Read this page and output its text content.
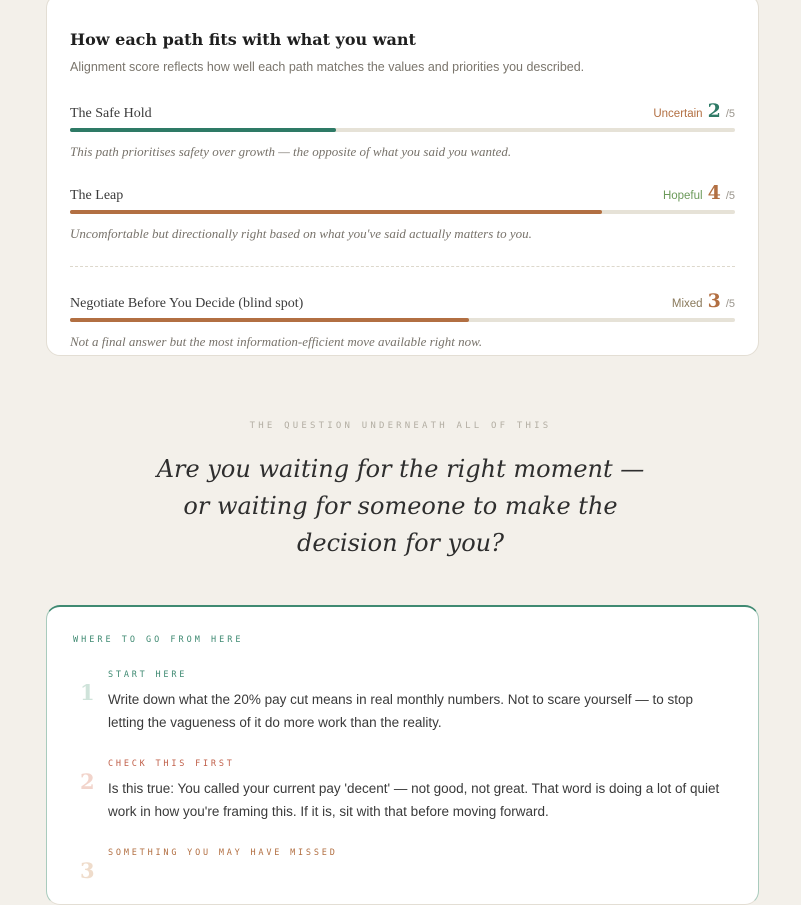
How each path fits with what you want
Alignment score reflects how well each path matches the values and priorities you described.
The Safe Hold	Uncertain 2 /5
This path prioritises safety over growth — the opposite of what you said you wanted.
The Leap	Hopeful 4 /5
Uncomfortable but directionally right based on what you've said actually matters to you.
Negotiate Before You Decide (blind spot)	Mixed 3 /5
Not a final answer but the most information-efficient move available right now.
THE QUESTION UNDERNEATH ALL OF THIS
Are you waiting for the right moment — or waiting for someone to make the decision for you?
WHERE TO GO FROM HERE
1
START HERE
Write down what the 20% pay cut means in real monthly numbers. Not to scare yourself — to stop letting the vagueness of it do more work than the reality.
2
CHECK THIS FIRST
Is this true: You called your current pay 'decent' — not good, not great. That word is doing a lot of quiet work in how you're framing this. If it is, sit with that before moving forward.
3
SOMETHING YOU MAY HAVE MISSED
